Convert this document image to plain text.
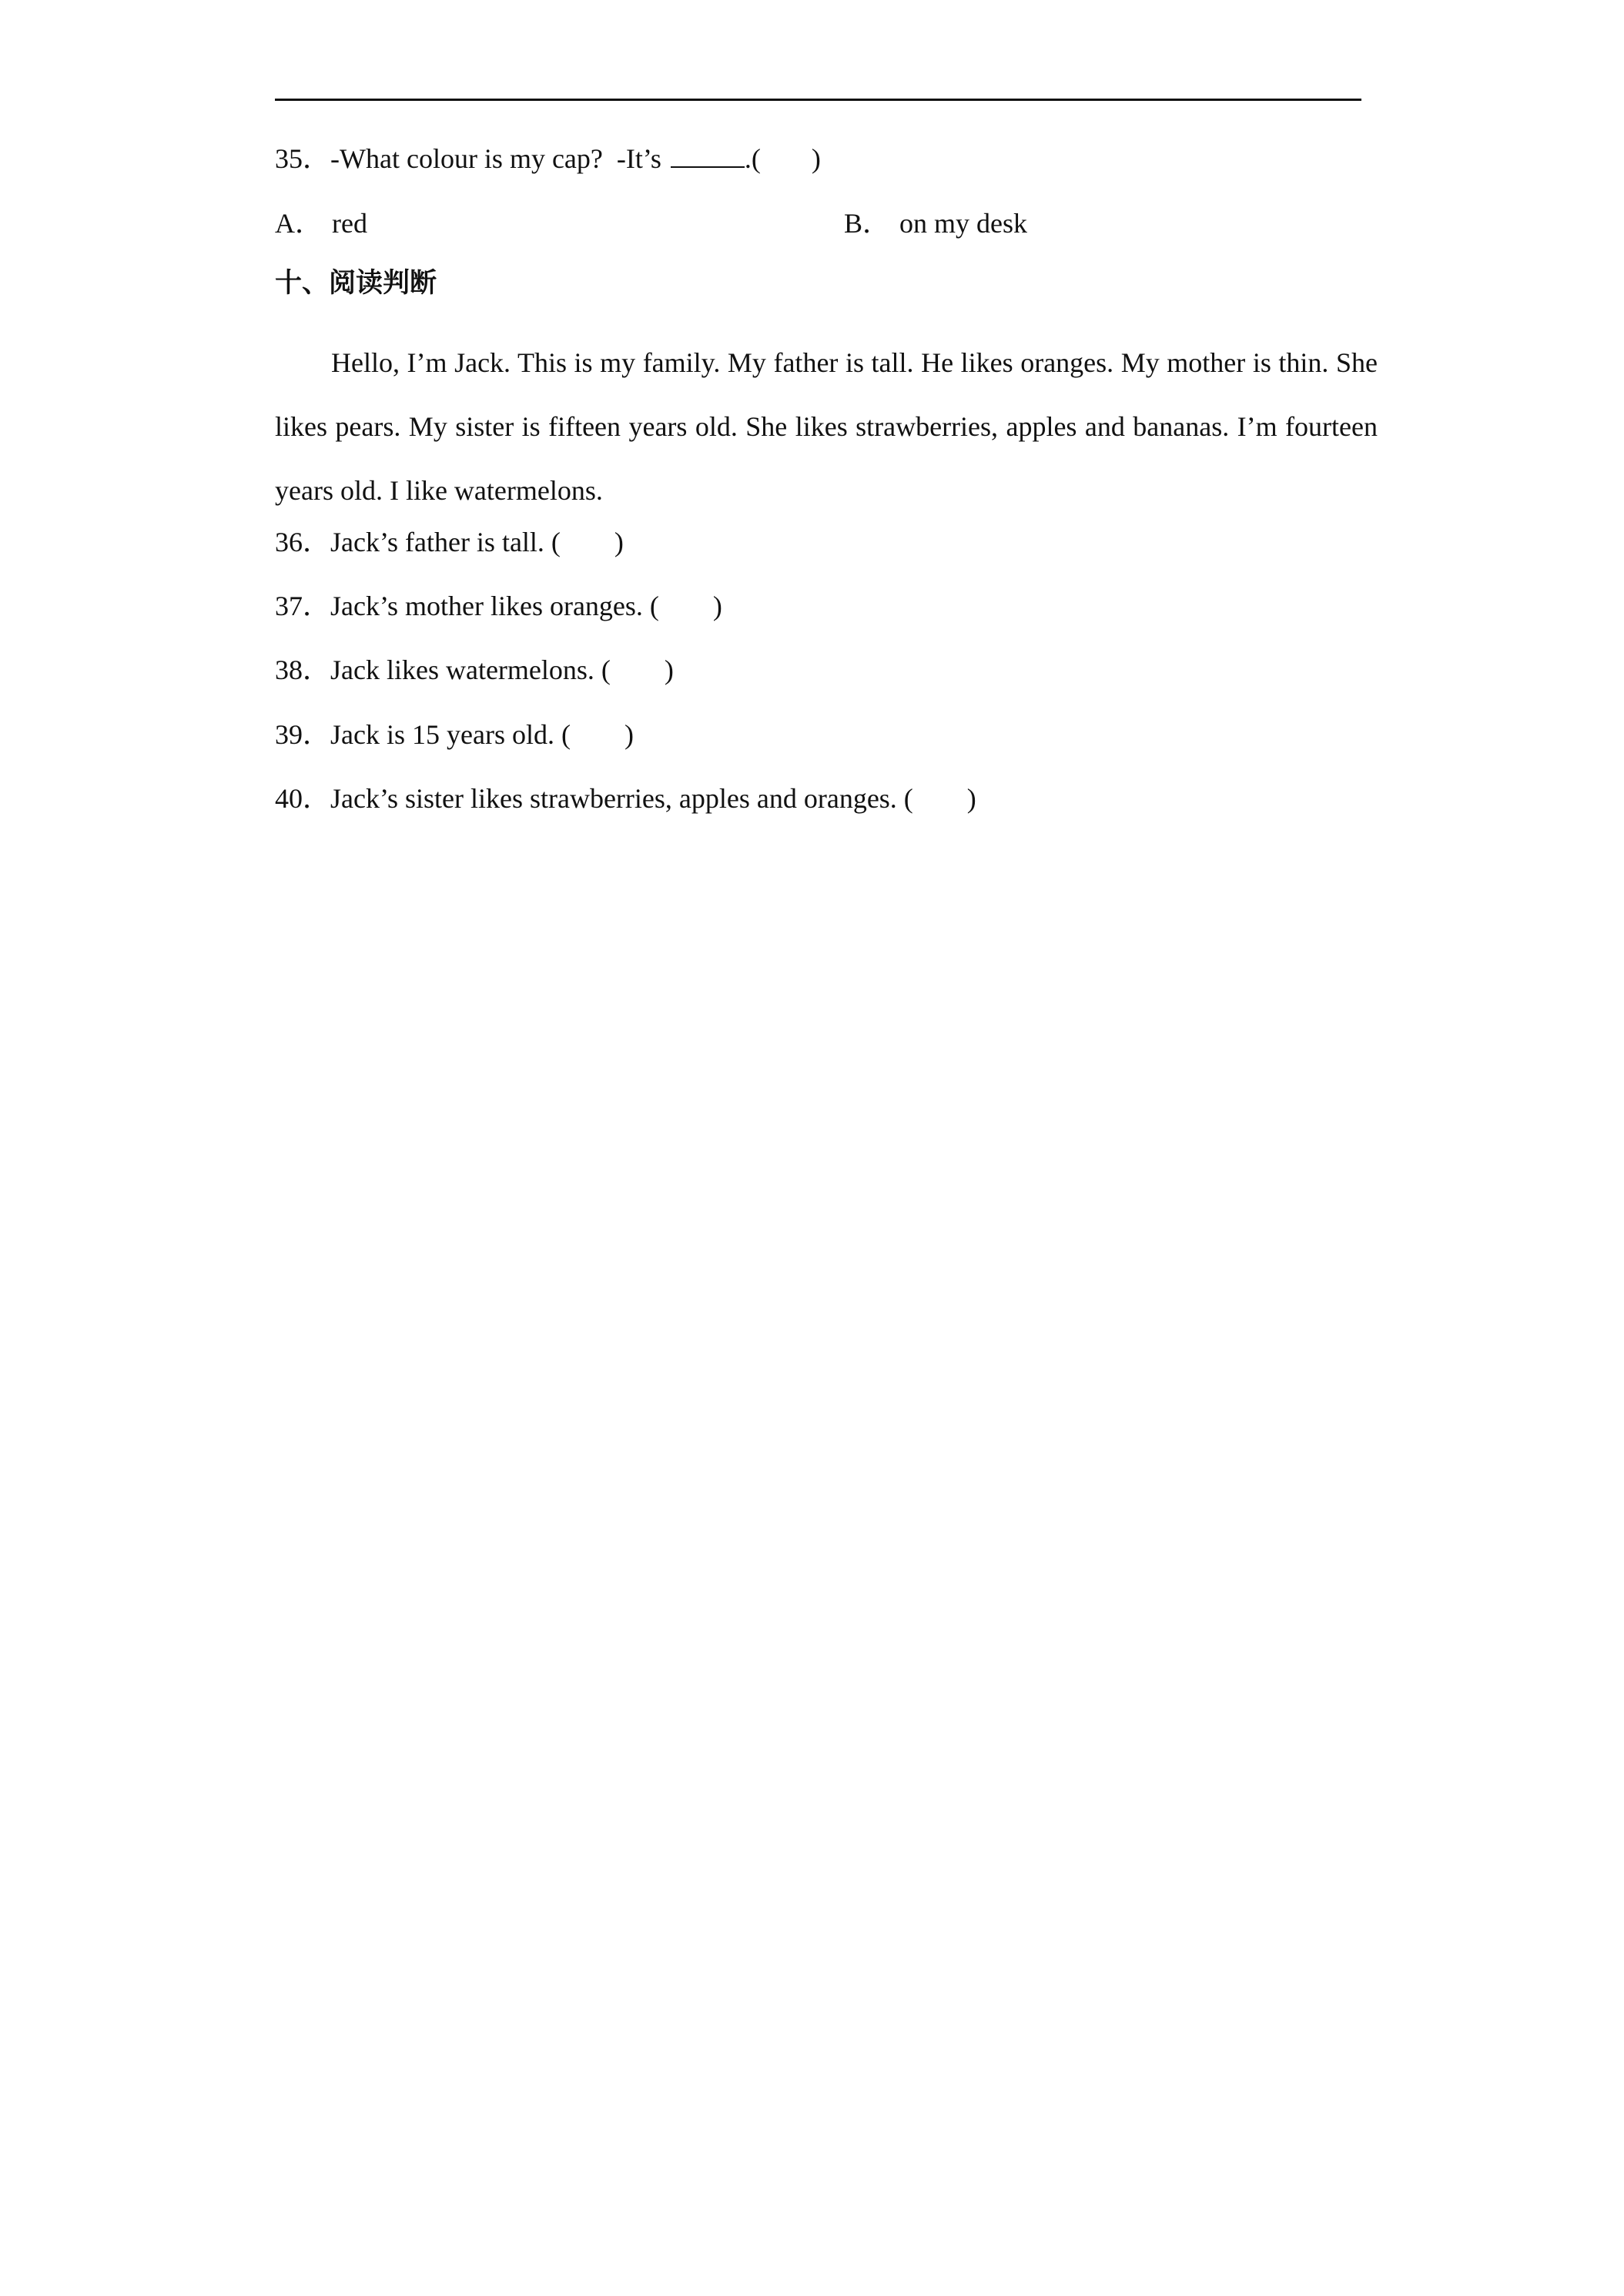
35．-What colour is my cap? -It’s	.( )
A． red	B． on my desk
十、阅读判断
Hello, I’m Jack. This is my family. My father is tall. He likes oranges. My mother is thin. She likes pears. My sister is fifteen years old. She likes strawberries, apples and bananas. I’m fourteen years old. I like watermelons.
36．Jack’s father is tall. ( )
37．Jack’s mother likes oranges. ( )
38．Jack likes watermelons. ( )
39．Jack is 15 years old. ( )
40．Jack’s sister likes strawberries, apples and oranges. ( )
